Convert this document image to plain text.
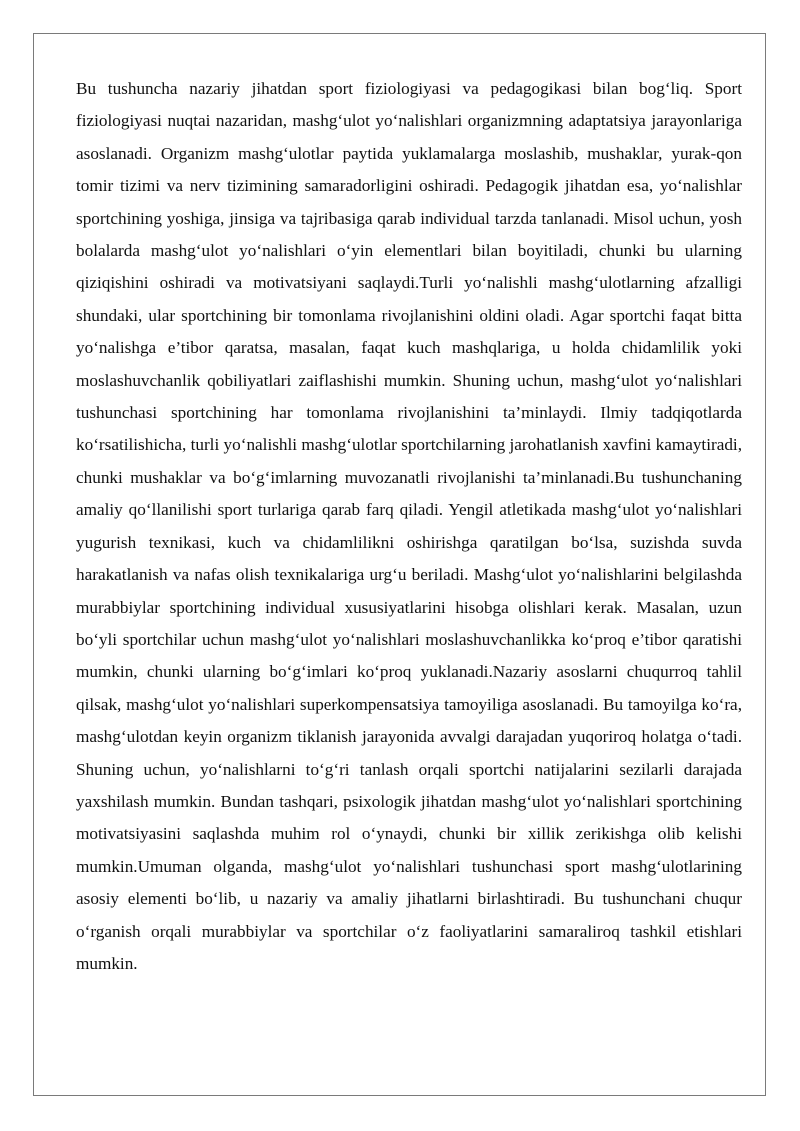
Bu tushuncha nazariy jihatdan sport fiziologiyasi va pedagogikasi bilan bog‘liq. Sport fiziologiyasi nuqtai nazaridan, mashg‘ulot yo‘nalishlari organizmning adaptatsiya jarayonlariga asoslanadi. Organizm mashg‘ulotlar paytida yuklamalarga moslashib, mushaklar, yurak-qon tomir tizimi va nerv tizimining samaradorligini oshiradi. Pedagogik jihatdan esa, yo‘nalishlar sportchining yoshiga, jinsiga va tajribasiga qarab individual tarzda tanlanadi. Misol uchun, yosh bolalarda mashg‘ulot yo‘nalishlari o‘yin elementlari bilan boyitiladi, chunki bu ularning qiziqishini oshiradi va motivatsiyani saqlaydi.Turli yo‘nalishli mashg‘ulotlarning afzalligi shundaki, ular sportchining bir tomonlama rivojlanishini oldini oladi. Agar sportchi faqat bitta yo‘nalishga e’tibor qaratsa, masalan, faqat kuch mashqlariga, u holda chidamlilik yoki moslashuvchanlik qobiliyatlari zaiflashishi mumkin. Shuning uchun, mashg‘ulot yo‘nalishlari tushunchasi sportchining har tomonlama rivojlanishini ta’minlaydi. Ilmiy tadqiqotlarda ko‘rsatilishicha, turli yo‘nalishli mashg‘ulotlar sportchilarning jarohatlanish xavfini kamaytiradi, chunki mushaklar va bo‘g‘imlarning muvozanatli rivojlanishi ta’minlanadi.Bu tushunchaning amaliy qo‘llanilishi sport turlariga qarab farq qiladi. Yengil atletikada mashg‘ulot yo‘nalishlari yugurish texnikasi, kuch va chidamlilikni oshirishga qaratilgan bo‘lsa, suzishda suvda harakatlanish va nafas olish texnikalariga urg‘u beriladi. Mashg‘ulot yo‘nalishlarini belgilashda murabbiylar sportchining individual xususiyatlarini hisobga olishlari kerak. Masalan, uzun bo‘yli sportchilar uchun mashg‘ulot yo‘nalishlari moslashuvchanlikka ko‘proq e’tibor qaratishi mumkin, chunki ularning bo‘g‘imlari ko‘proq yuklanadi.Nazariy asoslarni chuqurroq tahlil qilsak, mashg‘ulot yo‘nalishlari superkompensatsiya tamoyiliga asoslanadi. Bu tamoyilga ko‘ra, mashg‘ulotdan keyin organizm tiklanish jarayonida avvalgi darajadan yuqoriroq holatga o‘tadi. Shuning uchun, yo‘nalishlarni to‘g‘ri tanlash orqali sportchi natijalarini sezilarli darajada yaxshilash mumkin. Bundan tashqari, psixologik jihatdan mashg‘ulot yo‘nalishlari sportchining motivatsiyasini saqlashda muhim rol o‘ynaydi, chunki bir xillik zerikishga olib kelishi mumkin.Umuman olganda, mashg‘ulot yo‘nalishlari tushunchasi sport mashg‘ulotlarining asosiy elementi bo‘lib, u nazariy va amaliy jihatlarni birlashtiradi. Bu tushunchani chuqur o‘rganish orqali murabbiylar va sportchilar o‘z faoliyatlarini samaraliroq tashkil etishlari mumkin.
